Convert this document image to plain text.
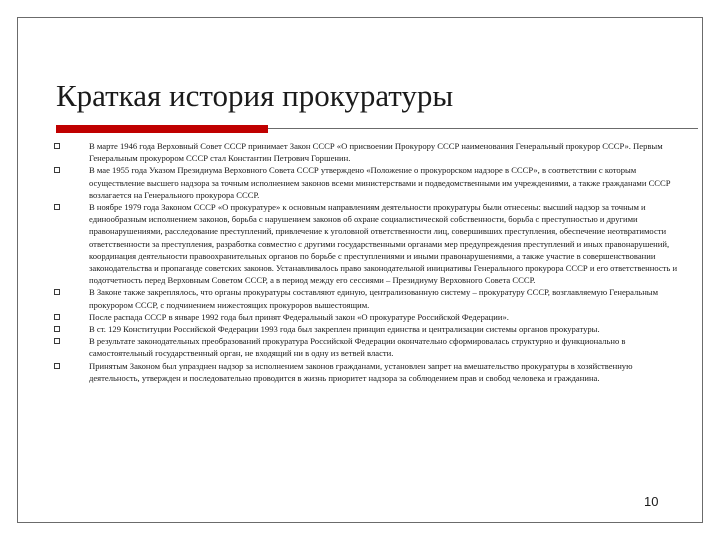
Краткая история прокуратуры
В марте 1946 года Верховный Совет СССР принимает Закон СССР «О присвоении Прокурору СССР наименования Генеральный прокурор СССР». Первым Генеральным прокурором СССР стал Константин Петрович Горшенин.
В мае 1955 года Указом Президиума Верховного Совета СССР утверждено «Положение о прокурорском надзоре в СССР», в соответствии с которым осуществление высшего надзора за точным исполнением законов всеми министерствами и подведомственными им учреждениями, а также гражданами СССР возлагается на Генерального прокурора СССР.
В ноябре 1979 года Законом СССР «О прокуратуре» к основным направлениям деятельности прокуратуры были отнесены: высший надзор за точным и единообразным исполнением законов, борьба с нарушением законов об охране социалистической собственности, борьба с преступностью и другими правонарушениями, расследование преступлений, привлечение к уголовной ответственности лиц, совершивших преступления, обеспечение неотвратимости ответственности за преступления, разработка совместно с другими государственными органами мер предупреждения преступлений и иных правонарушений, координация деятельности правоохранительных органов по борьбе с преступлениями и иными правонарушениями, а также участие в совершенствовании законодательства и пропаганде советских законов. Устанавливалось право законодательной инициативы Генерального прокурора СССР и его ответственность и подотчетность перед Верховным Советом СССР, а в период между его сессиями – Президиуму Верховного Совета СССР.
В Законе также закреплялось, что органы прокуратуры составляют единую, централизованную систему – прокуратуру СССР, возглавляемую Генеральным прокурором СССР, с подчинением нижестоящих прокуроров вышестоящим.
После распада СССР в январе 1992 года был принят Федеральный закон «О прокуратуре Российской Федерации».
В ст. 129 Конституции Российской Федерации 1993 года был закреплен принцип единства и централизации системы органов прокуратуры.
В результате законодательных преобразований прокуратура Российской Федерации окончательно сформировалась структурно и функционально в самостоятельный государственный орган, не входящий ни в одну из ветвей власти.
Принятым Законом был упразднен надзор за исполнением законов гражданами, установлен запрет на вмешательство прокуратуры в хозяйственную деятельность, утвержден и последовательно проводится в жизнь приоритет надзора за соблюдением прав и свобод человека и гражданина.
10
